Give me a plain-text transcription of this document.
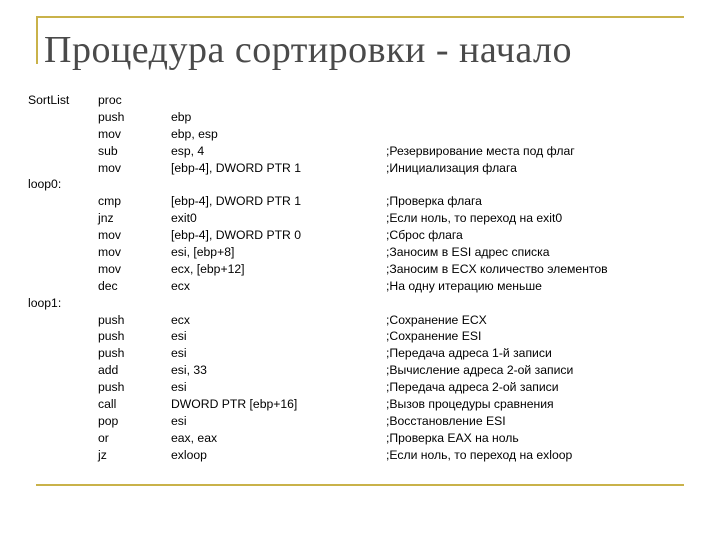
Процедура сортировки - начало
SortList proc
push	ebp
mov	ebp, esp
sub	esp, 4	;Резервирование места под флаг
mov	[ebp-4], DWORD PTR 1	;Инициализация флага
loop0:
cmp	[ebp-4], DWORD PTR 1	;Проверка флага
jnz	exit0	;Если ноль, то переход на exit0
mov	[ebp-4], DWORD PTR 0	;Сброс флага
mov	esi, [ebp+8]	;Заносим в ESI адрес списка
mov	ecx, [ebp+12]	;Заносим в ECX количество элементов
dec	ecx	;На одну итерацию меньше
loop1:
push	ecx	;Сохранение ECX
push	esi	;Сохранение ESI
push	esi	;Передача адреса 1-й записи
add	esi, 33	;Вычисление адреса 2-ой записи
push	esi	;Передача адреса 2-ой записи
call	DWORD PTR [ebp+16]	;Вызов процедуры сравнения
pop	esi	;Восстановление ESI
or	eax, eax	;Проверка EAX на ноль
jz	exloop	;Если ноль, то переход на exloop
